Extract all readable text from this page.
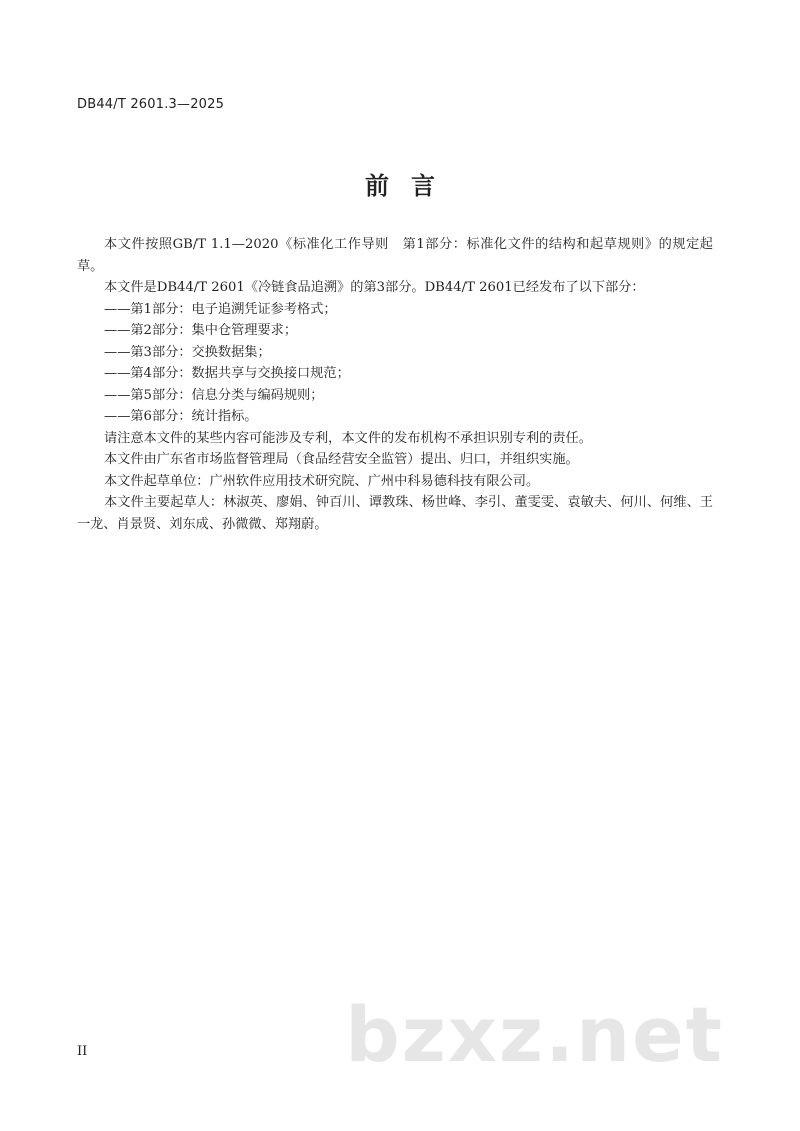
DB44/T 2601.3—2025
前言

本文件按照GB/T 1.1—2020《标准化工作导则　第1部分：标准化文件的结构和起草规则》的规定起草。

本文件是DB44/T 2601《冷链食品追溯》的第3部分。DB44/T 2601已经发布了以下部分：

——第1部分：电子追溯凭证参考格式；

——第2部分：集中仓管理要求；

——第3部分：交换数据集；

——第4部分：数据共享与交换接口规范；

——第5部分：信息分类与编码规则；

——第6部分：统计指标。

请注意本文件的某些内容可能涉及专利，本文件的发布机构不承担识别专利的责任。

本文件由广东省市场监督管理局（食品经营安全监管）提出、归口，并组织实施。

本文件起草单位：广州软件应用技术研究院、广州中科易德科技有限公司。

本文件主要起草人：林淑英、廖娟、钟百川、谭教珠、杨世峰、李引、董雯雯、袁敏夫、何川、何维、王一龙、肖景贤、刘东成、孙微微、郑翔蔚。

II	bzxz.net
